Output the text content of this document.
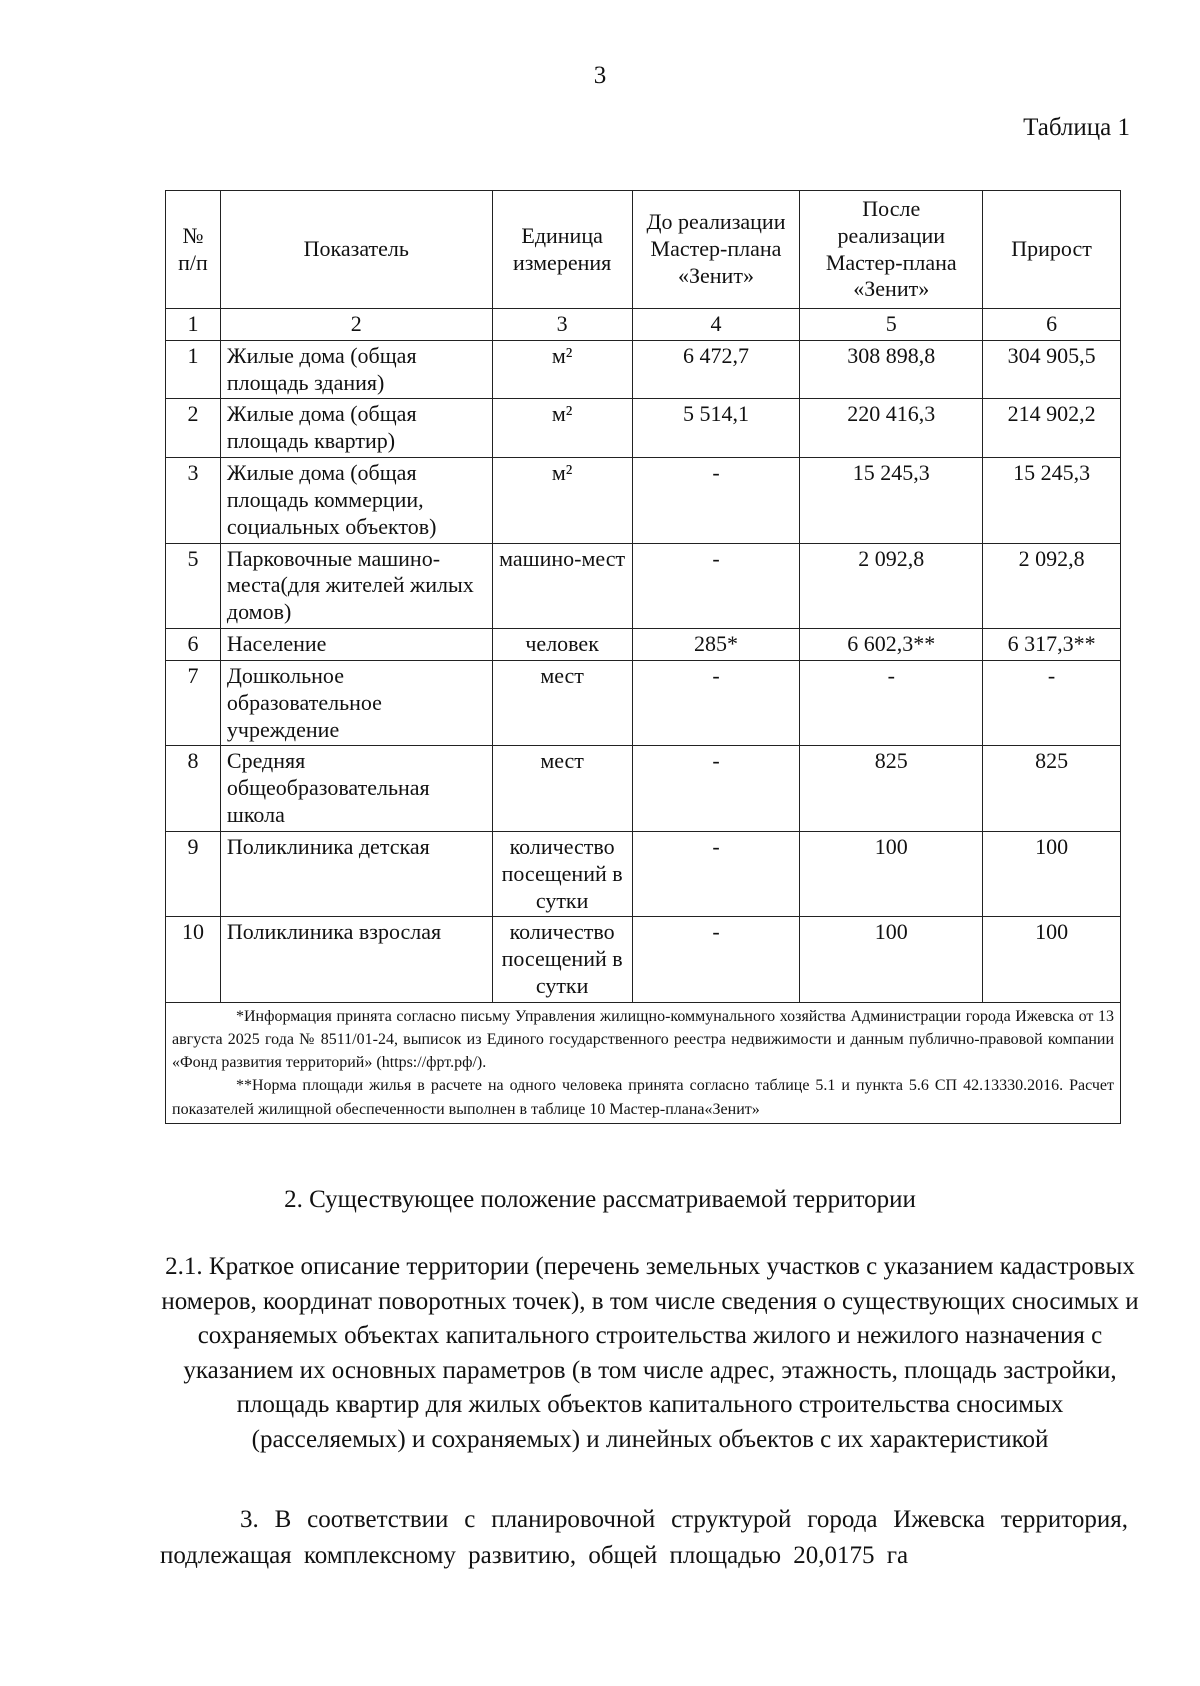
3
Таблица 1
№ п/п	Показатель	Единица измерения	До реализации Мастер-плана «Зенит»	После реализации Мастер-плана «Зенит»	Прирост
1	2	3	4	5	6
1	Жилые дома (общая площадь здания)	м²	6 472,7	308 898,8	304 905,5
2	Жилые дома (общая площадь квартир)	м²	5 514,1	220 416,3	214 902,2
3	Жилые дома (общая площадь коммерции, социальных объектов)	м²	-	15 245,3	15 245,3
5	Парковочные машино-места(для жителей жилых домов)	машино-мест	-	2 092,8	2 092,8
6	Население	человек	285*	6 602,3**	6 317,3**
7	Дошкольное образовательное учреждение	мест	-	-	-
8	Средняя общеобразовательная школа	мест	-	825	825
9	Поликлиника детская	количество посещений в сутки	-	100	100
10	Поликлиника взрослая	количество посещений в сутки	-	100	100

*Информация принята согласно письму Управления жилищно-коммунального хозяйства Администрации города Ижевска от 13 августа 2025 года № 8511/01-24, выписок из Единого государственного реестра недвижимости и данным публично-правовой компании «Фонд развития территорий» (https://фрт.рф/).

**Норма площади жилья в расчете на одного человека принята согласно таблице 5.1 и пункта 5.6 СП 42.13330.2016. Расчет показателей жилищной обеспеченности выполнен в таблице 10 Мастер-плана«Зенит»					

2. Существующее положение рассматриваемой территории
2.1. Краткое описание территории (перечень земельных участков с указанием кадастровых номеров, координат поворотных точек), в том числе сведения о существующих сносимых и сохраняемых объектах капитального строительства жилого и нежилого назначения с указанием их основных параметров (в том числе адрес, этажность, площадь застройки, площадь квартир для жилых объектов капитального строительства сносимых (расселяемых) и сохраняемых) и линейных объектов с их характеристикой
3. В соответствии с планировочной структурой города Ижевска территория, подлежащая комплексному развитию, общей площадью 20,0175 га
